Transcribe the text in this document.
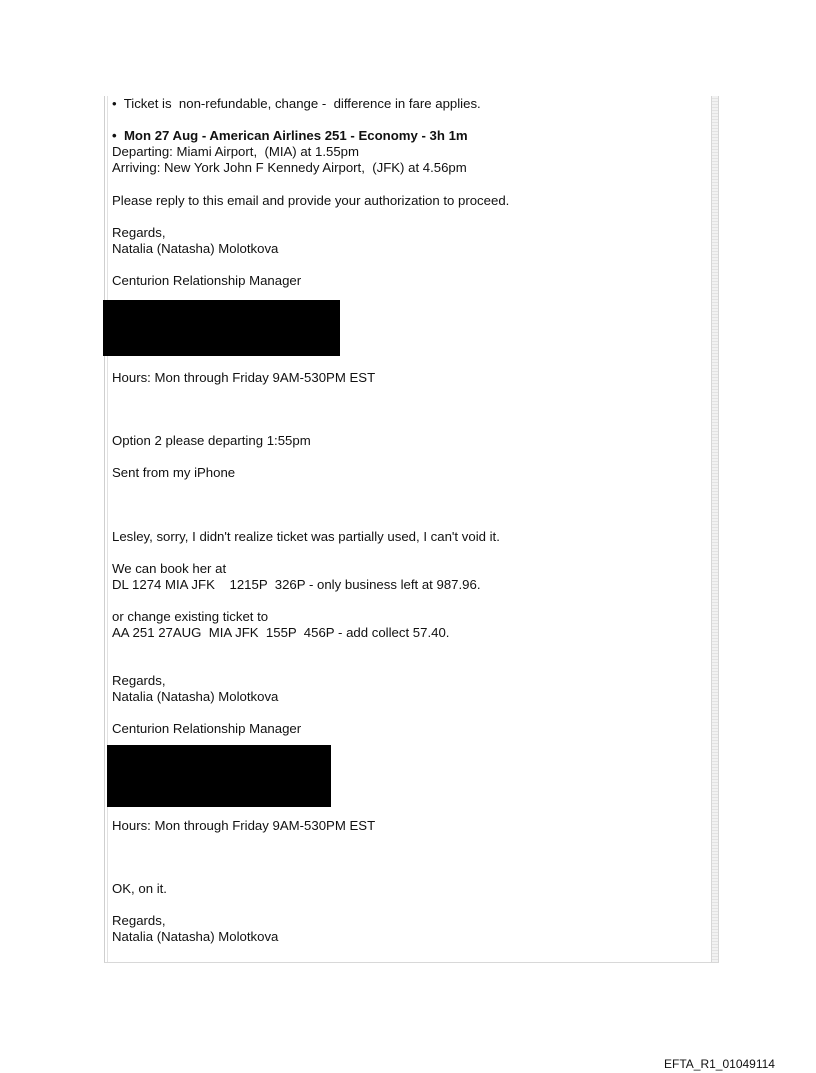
•  Ticket is  non-refundable, change -  difference in fare applies.
•  Mon 27 Aug - American Airlines 251 - Economy - 3h 1m
Departing: Miami Airport,  (MIA) at 1.55pm
Arriving: New York John F Kennedy Airport,  (JFK) at 4.56pm
Please reply to this email and provide your authorization to proceed.
Regards,
Natalia (Natasha) Molotkova
Centurion Relationship Manager
Hours: Mon through Friday 9AM-530PM EST
Option 2 please departing 1:55pm
Sent from my iPhone
Lesley, sorry, I didn't realize ticket was partially used, I can't void it.
We can book her at
DL 1274 MIA JFK    1215P  326P - only business left at 987.96.
or change existing ticket to
AA 251 27AUG  MIA JFK  155P  456P - add collect 57.40.
Regards,
Natalia (Natasha) Molotkova
Centurion Relationship Manager
Hours: Mon through Friday 9AM-530PM EST
OK, on it.
Regards,
Natalia (Natasha) Molotkova
EFTA_R1_01049114
